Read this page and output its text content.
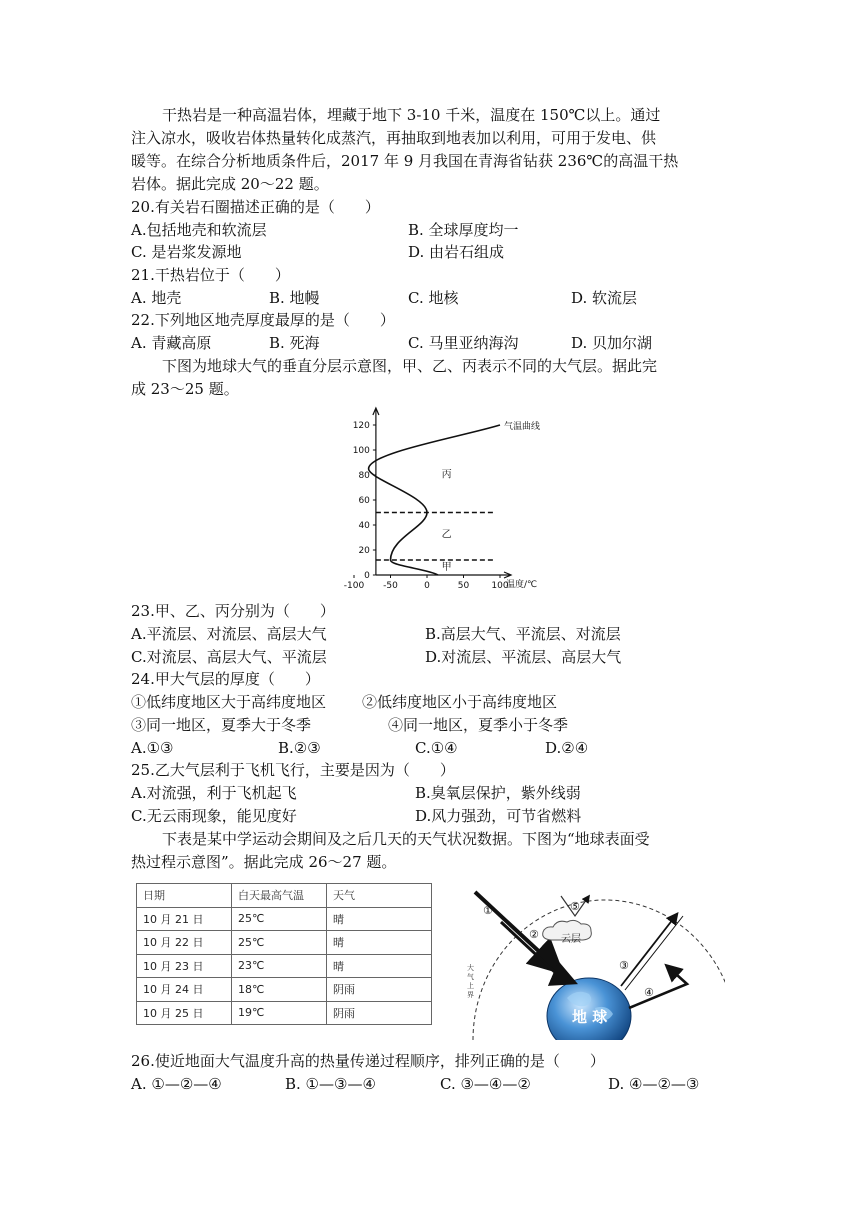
干热岩是一种高温岩体，埋藏于地下 3-10 千米，温度在 150℃以上。通过
注入凉水，吸收岩体热量转化成蒸汽，再抽取到地表加以利用，可用于发电、供
暖等。在综合分析地质条件后，2017 年 9 月我国在青海省钻获 236℃的高温干热
岩体。据此完成 20～22 题。
20.有关岩石圈描述正确的是（　　）
A.包括地壳和软流层	B. 全球厚度均一
C. 是岩浆发源地	D. 由岩石组成
21.干热岩位于（　　）
A. 地壳	B. 地幔	C. 地核	D. 软流层
22.下列地区地壳厚度最厚的是（　　）
A. 青藏高原	B. 死海	C. 马里亚纳海沟	D. 贝加尔湖
下图为地球大气的垂直分层示意图，甲、乙、丙表示不同的大气层。据此完
成 23～25 题。
0
20
40
60
80
100
120
-100 -50	0	50 100
气温曲线
温度/℃
丙
乙
甲
23.甲、乙、丙分别为（　　）
A.平流层、对流层、高层大气	B.高层大气、平流层、对流层
C.对流层、高层大气、平流层	D.对流层、平流层、高层大气
24.甲大气层的厚度（　　）
①低纬度地区大于高纬度地区 ②低纬度地区小于高纬度地区
③同一地区，夏季大于冬季	④同一地区，夏季小于冬季
A.①③	B.②③	C.①④	D.②④
25.乙大气层利于飞机飞行，主要是因为（　　）
A.对流强，利于飞机起飞	B.臭氧层保护，紫外线弱
C.无云雨现象，能见度好	D.风力强劲，可节省燃料
下表是某中学运动会期间及之后几天的天气状况数据。下图为“地球表面受
热过程示意图”。据此完成 26～27 题。
日期	白天最高气温	天气
10 月 21 日	25℃	晴
10 月 22 日	25℃	晴
10 月 23 日	23℃	晴
10 月 24 日	18℃	阴雨
10 月 25 日	19℃	阴雨	地 球
云层
⑤
①
②
③
④
大
气
上
界
26.使近地面大气温度升高的热量传递过程顺序，排列正确的是（　　）
A. ①—②—④	B. ①—③—④	C. ③—④—②	D. ④—②—③
